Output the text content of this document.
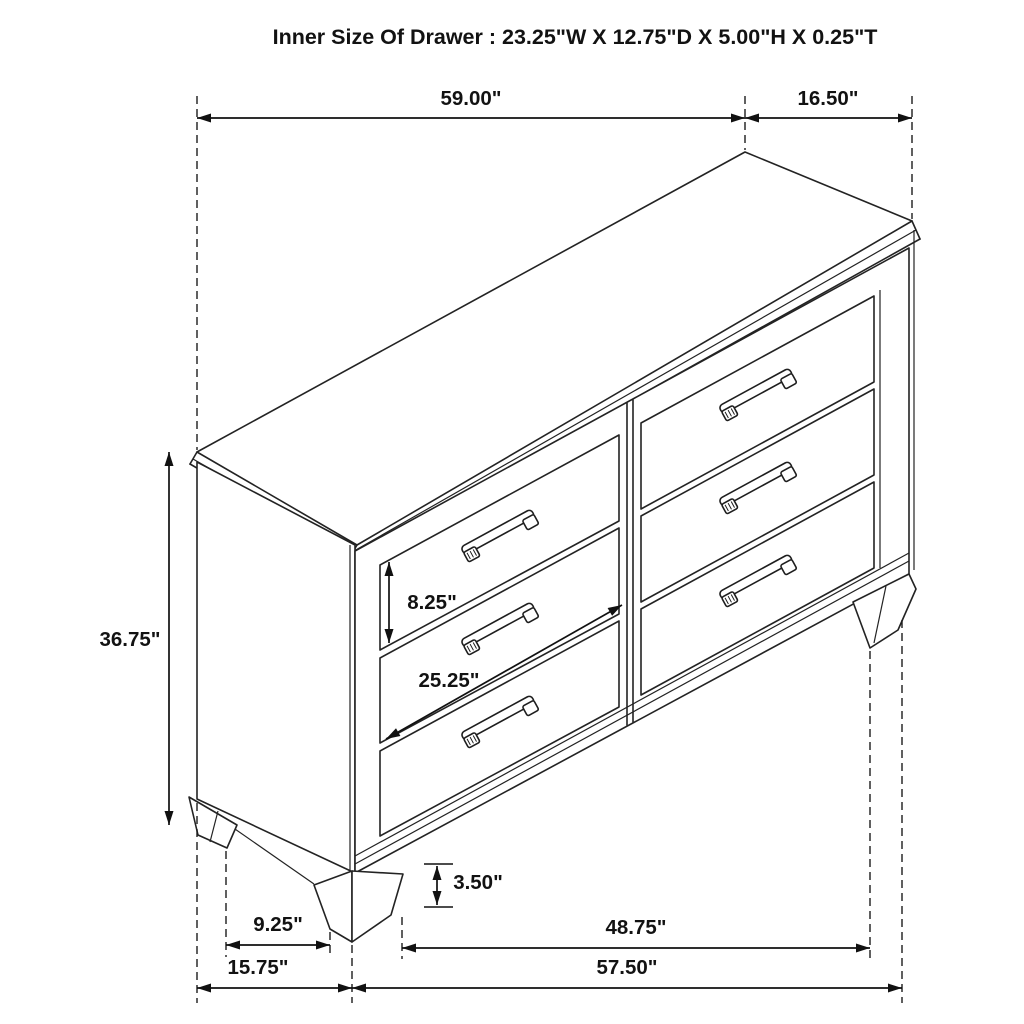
Inner Size Of Drawer : 23.25"W X 12.75"D X 5.00"H X 0.25"T
59.00"	16.50"
36.75"
8.25"
25.25"
3.50"
9.25"	48.75"
15.75"	57.50"
